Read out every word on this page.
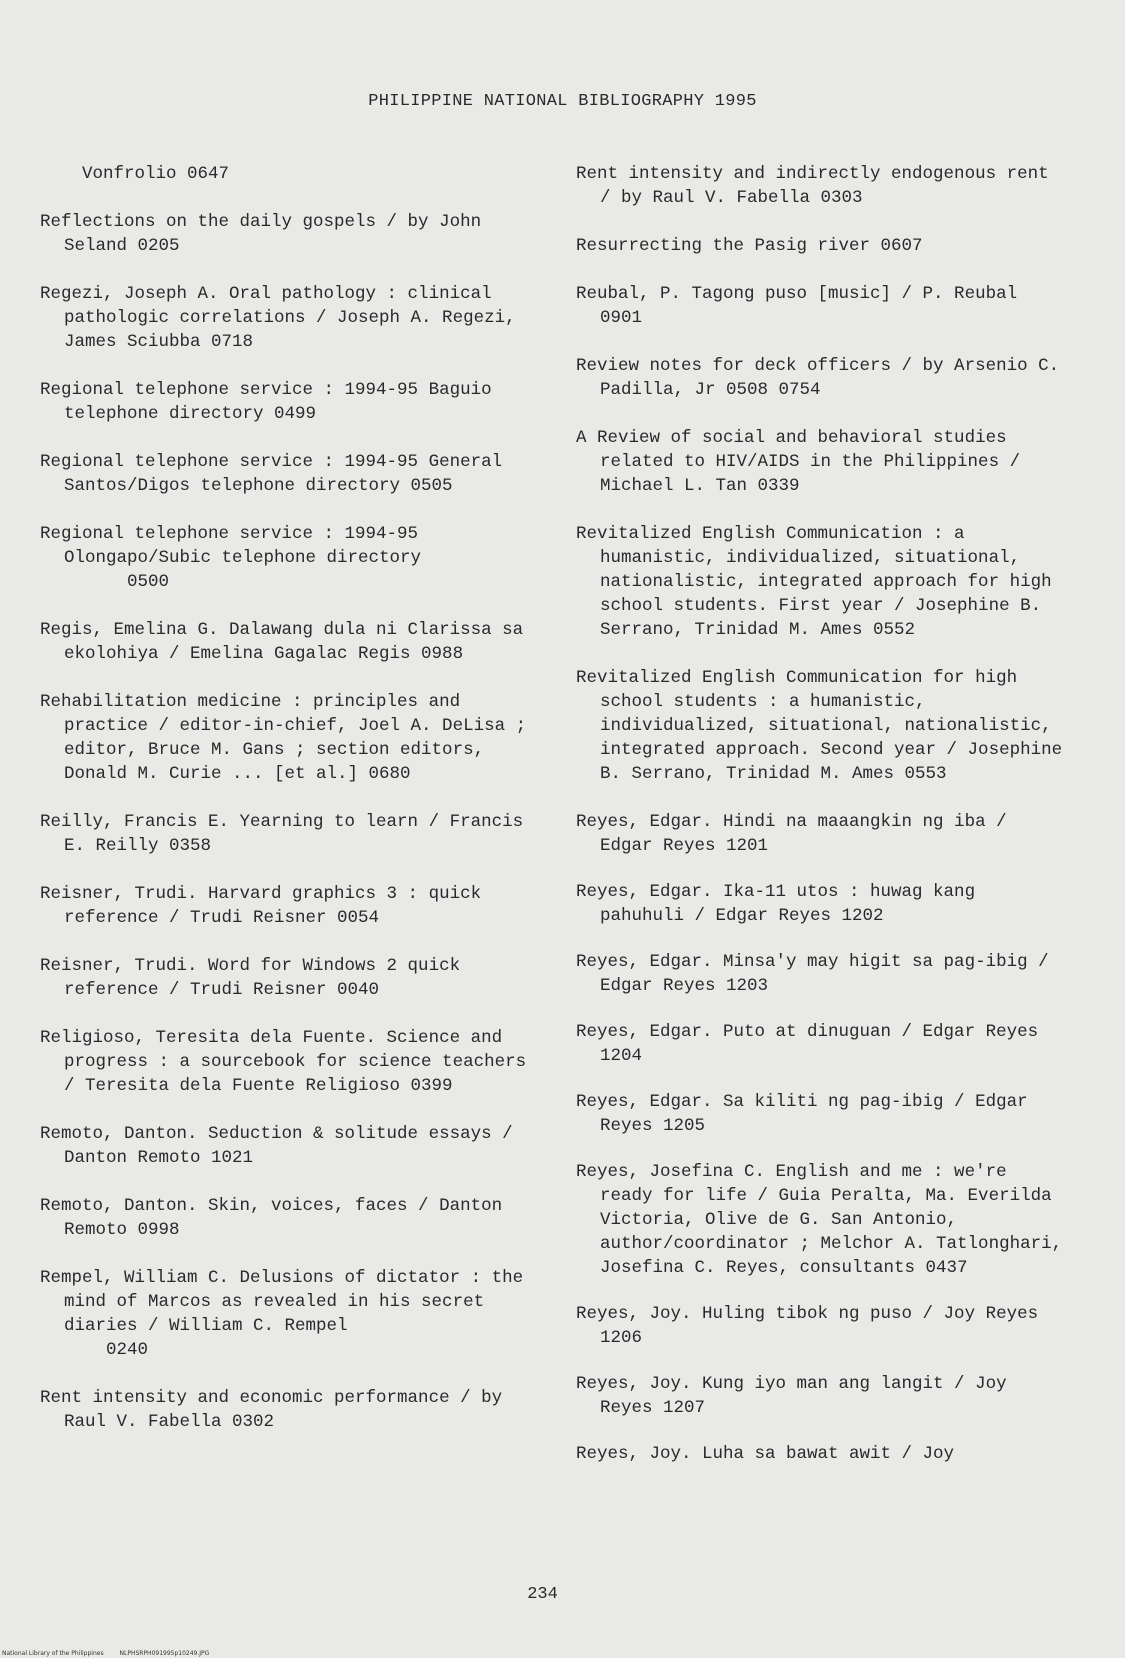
PHILIPPINE NATIONAL BIBLIOGRAPHY 1995

Vonfrolio 0647

Reflections on the daily gospels / by John Seland 0205

Regezi, Joseph A. Oral pathology : clinical pathologic correlations / Joseph A. Regezi, James Sciubba 0718

Regional telephone service : 1994-95 Baguio telephone directory 0499

Regional telephone service : 1994-95 General Santos/Digos telephone directory 0505

Regional telephone service : 1994-95 Olongapo/Subic telephone directory
0500

Regis, Emelina G. Dalawang dula ni Clarissa sa ekolohiya / Emelina Gagalac Regis 0988

Rehabilitation medicine : principles and practice / editor-in-chief, Joel A. DeLisa ; editor, Bruce M. Gans ; section editors, Donald M. Curie ... [et al.] 0680

Reilly, Francis E. Yearning to learn / Francis E. Reilly 0358

Reisner, Trudi. Harvard graphics 3 : quick reference / Trudi Reisner 0054

Reisner, Trudi. Word for Windows 2 quick reference / Trudi Reisner 0040

Religioso, Teresita dela Fuente. Science and progress : a sourcebook for science teachers / Teresita dela Fuente Religioso 0399

Remoto, Danton. Seduction & solitude essays / Danton Remoto 1021

Remoto, Danton. Skin, voices, faces / Danton Remoto 0998

Rempel, William C. Delusions of dictator : the mind of Marcos as revealed in his secret diaries / William C. Rempel
0240

Rent intensity and economic performance / by Raul V. Fabella 0302

Rent intensity and indirectly endogenous rent / by Raul V. Fabella 0303

Resurrecting the Pasig river 0607

Reubal, P. Tagong puso [music] / P. Reubal 0901

Review notes for deck officers / by Arsenio C. Padilla, Jr 0508 0754

A Review of social and behavioral studies related to HIV/AIDS in the Philippines / Michael L. Tan 0339

Revitalized English Communication : a humanistic, individualized, situational, nationalistic, integrated approach for high school students. First year / Josephine B. Serrano, Trinidad M. Ames 0552

Revitalized English Communication for high school students : a humanistic, individualized, situational, nationalistic, integrated approach. Second year / Josephine B. Serrano, Trinidad M. Ames 0553

Reyes, Edgar. Hindi na maaangkin ng iba / Edgar Reyes 1201

Reyes, Edgar. Ika-11 utos : huwag kang pahuhuli / Edgar Reyes 1202

Reyes, Edgar. Minsa'y may higit sa pag-ibig / Edgar Reyes 1203

Reyes, Edgar. Puto at dinuguan / Edgar Reyes 1204

Reyes, Edgar. Sa kiliti ng pag-ibig / Edgar Reyes 1205

Reyes, Josefina C. English and me : we're ready for life / Guia Peralta, Ma. Everilda Victoria, Olive de G. San Antonio, author/coordinator ; Melchor A. Tatlonghari, Josefina C. Reyes, consultants 0437

Reyes, Joy. Huling tibok ng puso / Joy Reyes 1206

Reyes, Joy. Kung iyo man ang langit / Joy Reyes 1207

Reyes, Joy. Luha sa bawat awit / Joy

234
National Library of the Philippines	NLPHSRPH091995p10249.JPG
